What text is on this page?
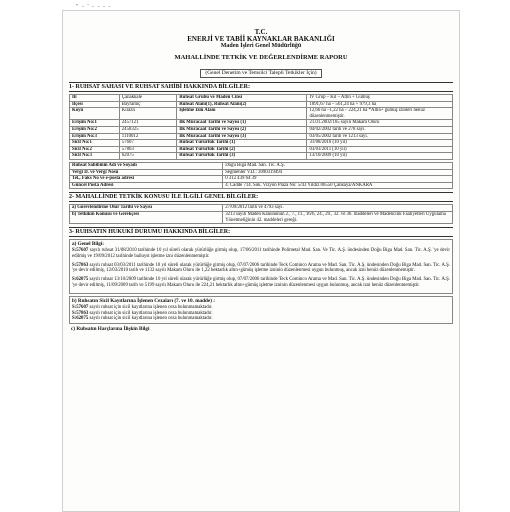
" - ' - - - -
T.C.
ENERJİ VE TABİİ KAYNAKLAR BAKANLIĞI
Maden İşleri Genel Müdürlüğü
MAHALLİNDE TETKİK VE DEĞERLENDİRME RAPORU
(Genel Denetim ve Temsilci Talepli Tetkikler İçin)
1- RUHSAT SAHASI VE RUHSAT SAHİBİ HAKKINDA BİLGİLER:
İli	Çanakkale	Ruhsat Grubu ve Maden Cinsi	IV Grup – Kil – Altın + Gümüş
İlçesi	Bayramiç	Ruhsat Alanı(1), Ruhsat Alanı(2)	1891,67 ha – 561,24 ha + 979,3 ha
Köyü	Kirazlı	İşletme İzin Alanı	12,66 ha –1,22 ha – 224,21 ha *Altın+ gümüş izinleri henüz düzenlenmemiştir.
Erişim No:1	2457121	İlk Müracaat Tarihi ve Sayısı (1)	21.01.2002/165 sayılı Makam Oluru
Erişim No:2	2458325	İlk Müracaat Tarihi ve Sayısı (2)	04/02/2002 tarih ve 278 sayı.
Erişim No:3	1110012	İlk Müracaat Tarihi ve Sayısı (3)	03/05/2002 tarih ve 1213 sayı.
Sicil No:1	57607	Ruhsat Yürürlük Tarihi (1)	31/08/2010 (10 yıl)
Sicil No:2	57863	Ruhsat Yürürlük Tarihi (2)	03/03/2011 (10 yıl)
Sicil No:3	62075	Ruhsat Yürürlük Tarihi (3)	13/10/2009 (10 yıl)
Ruhsat Sahibinin Adı ve Soyadı	Doğu Biga Mad. San. Tic. A.Ş.
Vergi D. ve Vergi Nosu	Seğmenler V.D.: 3090319494
Tel., Faks No ve e-posta adresi	0 312 439 64 39
Güncel Posta Adresi	4. Cadde 714. Sok. Vizyon Plaza No: 5/43 Yıldız 06550 Çankaya/ANKARA
2- MAHALLİNDE TETKİK KONUSU İLE İLGİLİ GENEL BİLGİLER:
a) Görevlendirme Olur Tarihi ve Sayısı	27/09/2012 tarih ve 4793 sayı.
b) Tetkikin Konusu ve Gerekçesi	3213 sayılı Maden Kanununun 2., 7., 11., 16/6, 24., 29., 32. ve 36. maddeleri ve Madencilik Faaliyetleri Uygulama Yönetmeliğinin 42. maddeleri gereği.
3- RUHSATIN HUKUKİ DURUMU HAKKINDA BİLGİLER:
a) Genel Bilgi:
S:57607 sayılı ruhsat 31/08/2010 tarihinde 10 yıl süreli olarak yürürlüğe girmiş olup, 17/06/2011 tarihinde Polimetal Mad. San. Ve Tic. A.Ş. ündesinden Doğu Biga Mad. San. Tic. A.Ş. 'ye devir edilmiş ve 19/09/2012 tarihinde bailuyst işletme izni düzenlenmemiştir.
S:57863 sayılı ruhsat 03/03/2011 tarihinde 10 yıl süreli olarak yürürlüğe girmiş olup, 07/07/2006 tarihinde Teck Cominco Arama ve Mad. San. Tic. A.Ş. ündesinden Doğu Biga Mad. San. Tic. A.Ş. 'ye devir edilmiş, 12/03/2010 tarih ve 1132 sayılı Makam Oluru ile 1,22 hektarlık altın+gümüş işletme izninin düzenlenmesi uygun bulunmuş, ancak izni henüz düzenlenmemiştir.
S:62075 sayılı ruhsat 13/10/2009 tarihinde 10 yıl süreli olarak yürürlüğe girmiş olup, 07/07/2006 tarihinde Teck Cominco Arama ve Mad. San. Tic. A.Ş. ündesinden Doğu Biga Mad. San. Tic. A.Ş. 'ye devir edilmiş, 11/09/2009 tarih ve 5199 sayılı Makam Oluru ile 224,21 hektarlık altın+gümüş işletme izninin düzenlenmesi uygun bulunmuş, ancak izni henüz düzenlenmemiştir.
b) Ruhsatın Sicil Kayıtlarına İşlenen Cezaları (7. ve 10. madde) :
S:57607 sayılı ruhsat için sicil kayıtlarına işlenen ceza bulunmamaktadır.
S:57863 sayılı ruhsat için sicil kayıtlarına işlenen ceza bulunmamaktadır.
S:62075 sayılı ruhsat için sicil kayıtlarına işlenen ceza bulunmamaktadır.
c) Ruhsatın Harçlarına İlişkin Bilgi
